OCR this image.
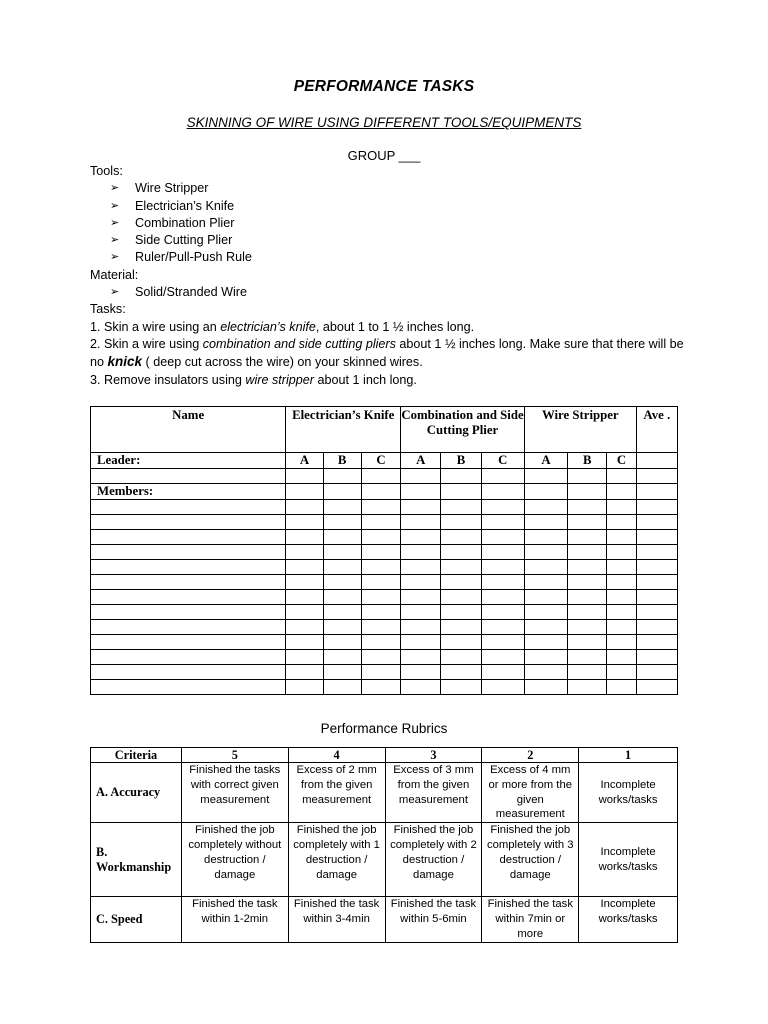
PERFORMANCE TASKS
SKINNING OF WIRE USING DIFFERENT TOOLS/EQUIPMENTS
GROUP ___
Tools:
➢	Wire Stripper
➢	Electrician’s Knife
➢	Combination Plier
➢	Side Cutting Plier
➢	Ruler/Pull-Push Rule
Material:
➢	Solid/Stranded Wire
Tasks:
1. Skin a wire using an electrician’s knife, about 1 to 1 ½ inches long.
2. Skin a wire using combination and side cutting pliers about 1 ½ inches long. Make sure that there will be no knick ( deep cut across the wire) on your skinned wires.
3. Remove insulators using wire stripper about 1 inch long.
Name	Electrician’s Knife			Combination and Side Cutting Plier			Wire Stripper			Ave .
Leader:	A	B	C	A	B	C	A	B	C	

Members:										

Performance Rubrics
Criteria	5	4	3	2	1
A. Accuracy	Finished the tasks with correct given measurement	Excess of 2 mm from the given measurement	Excess of 3 mm from the given measurement	Excess of 4 mm or more from the given measurement	Incomplete works/tasks
B. Workmanship	Finished the job completely without destruction / damage	Finished the job completely with 1 destruction / damage	Finished the job completely with 2 destruction / damage	Finished the job completely with 3 destruction / damage	Incomplete works/tasks
C. Speed	Finished the task within 1-2min	Finished the task within 3-4min	Finished the task within 5-6min	Finished the task within 7min or more	Incomplete works/tasks
